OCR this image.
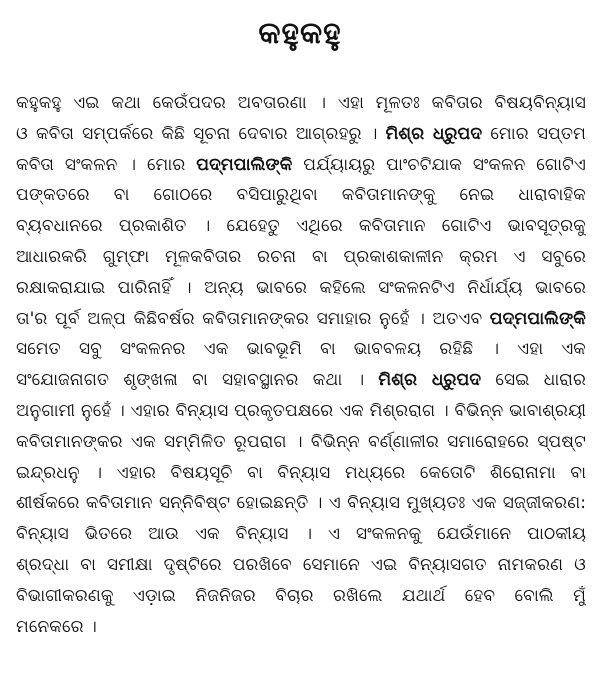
କହୁକହୁ
କହୁକହୁ ଏଇ କଥା କେଉଁପଦର ଅବତାରଣା । ଏହା ମୂଳତଃ କବିତାର ବିଷୟବିନ୍ୟାସ
ଓ କବିତା ସମ୍ପର୍କରେ କିଛି ସୂଚନା ଦେବାର ଆଗ୍ରହରୁ । ମିଶ୍ର ଧ୍ରୁପଦ ମୋର ସପ୍ତମ
କବିତା ସଂକଳନ । ମୋର ପଦ୍ମପାଲିଙ୍କି ପର୍ଯ୍ୟାୟରୁ ପାଂଚଟିଯାକ ସଂକଳନ ଗୋଟିଏ
ପଙ୍କତରେ ବା ଗୋଠରେ ବସିପାରୁଥିବା କବିତାମାନଙ୍କୁ ନେଇ ଧାରାବାହିକ
ବ୍ୟବଧାନରେ ପ୍ରକାଶିତ । ଯେହେତୁ ଏଥିରେ କବିତାମାନ ଗୋଟିଏ ଭାବସୂତ୍ରକୁ
ଆଧାରକରି ଗୁମ୍ଫା ମୂଳକବିତାର ରଚନା ବା ପ୍ରକାଶକାଳୀନ କ୍ରମ ଏ ସବୁରେ
ରକ୍ଷାକରାଯାଇ ପାରିନାହିଁ । ଅନ୍ୟ ଭାବରେ କହିଲେ ସଂକଳନଟିଏ ନିର୍ଧାର୍ଯ୍ୟ ଭାବରେ
ତା'ର ପୂର୍ବ ଅଳ୍ପ କିଛିବର୍ଷର କବିତାମାନଙ୍କର ସମାହାର ନୁହେଁ । ଅତଏବ ପଦ୍ମପାଲିଙ୍କି
ସମେତ ସବୁ ସଂକଳନର ଏକ ଭାବଭୂମି ବା ଭାବବଳୟ ରହିଛି । ଏହା ଏକ
ସଂଯୋଜନାଗତ ଶୃଙ୍ଖଳା ବା ସହାବସ୍ଥାନର କଥା । ମିଶ୍ର ଧ୍ରୁପଦ ସେଇ ଧାରାର
ଅନୁଗାମୀ ନୁହେଁ । ଏହାର ବିନ୍ୟାସ ପ୍ରକୃତପକ୍ଷରେ ଏକ ମିଶ୍ରରାଗ । ବିଭିନ୍ନ ଭାବାଶ୍ରୟୀ
କବିତାମାନଙ୍କର ଏକ ସମ୍ମିଳିତ ରୂପରାଗ । ବିଭିନ୍ନ ବର୍ଣ୍ଣାଳୀର ସମାରୋହରେ ସ୍ପଷ୍ଟ
ଇନ୍ଦ୍ରଧନୁ । ଏହାର ବିଷୟସୂଚି ବା ବିନ୍ୟାସ ମଧ୍ୟରେ କେତୋଟି ଶିରୋନାମା ବା
ଶୀର୍ଷକରେ କବିତାମାନ ସନ୍ନିବିଷ୍ଟ ହୋଇଛନ୍ତି । ଏ ବିନ୍ୟାସ ମୁଖ୍ୟତଃ ଏକ ସଜ୍ଜୀକରଣ:
ବିନ୍ୟାସ ଭିତରେ ଆଉ ଏକ ବିନ୍ୟାସ । ଏ ସଂକଳନକୁ ଯେଉଁମାନେ ପାଠକୀୟ
ଶ୍ରଦ୍ଧା ବା ସମୀକ୍ଷା ଦୃଷ୍ଟିରେ ପରଖିବେ ସେମାନେ ଏଇ ବିନ୍ୟାସଗତ ନାମକରଣ ଓ
ବିଭାଗୀକରଣକୁ ଏଡ଼ାଇ ନିଜନିଜର ବିଚାର ରଖିଲେ ଯଥାର୍ଥ ହେବ ବୋଲି ମୁଁ
ମନେକରେ ।
